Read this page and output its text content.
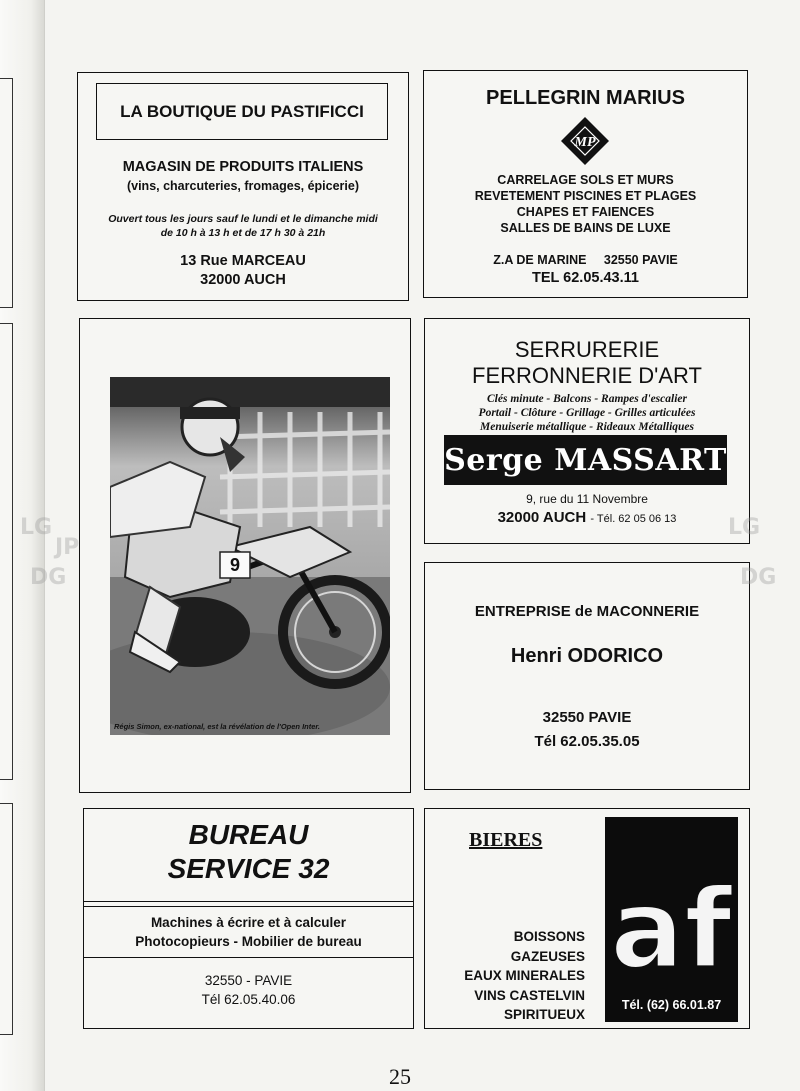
LA BOUTIQUE DU PASTIFICCI
MAGASIN DE PRODUITS ITALIENS
(vins, charcuteries, fromages, épicerie)
Ouvert tous les jours sauf le lundi et le dimanche midi
de 10 h à 13 h et de 17 h 30 à 21h
13 Rue MARCEAU
32000 AUCH
PELLEGRIN MARIUS
MP
CARRELAGE SOLS ET MURS
REVETEMENT PISCINES ET PLAGES
CHAPES ET FAIENCES
SALLES DE BAINS DE LUXE
Z.A DE MARINE     32550 PAVIE
TEL 62.05.43.11
9
Régis Simon, ex-national, est la révélation de l'Open Inter.
SERRURERIE
FERRONNERIE D'ART
Clés minute - Balcons - Rampes d'escalier
Portail - Clôture - Grillage - Grilles articulées
Menuiserie métallique - Rideaux Métalliques
Serge MASSART
9, rue du 11 Novembre
32000 AUCH - Tél. 62 05 06 13
ENTREPRISE de MACONNERIE
Henri ODORICO
32550 PAVIE
Tél 62.05.35.05
BUREAU
SERVICE 32
Machines à écrire et à calculer
Photocopieurs - Mobilier de bureau
32550 - PAVIE
Tél 62.05.40.06
BIERES
BOISSONS
GAZEUSES
EAUX MINERALES
VINS CASTELVIN
SPIRITUEUX
af
Tél. (62) 66.01.87
LG
JP
DG
LG
DG
25
